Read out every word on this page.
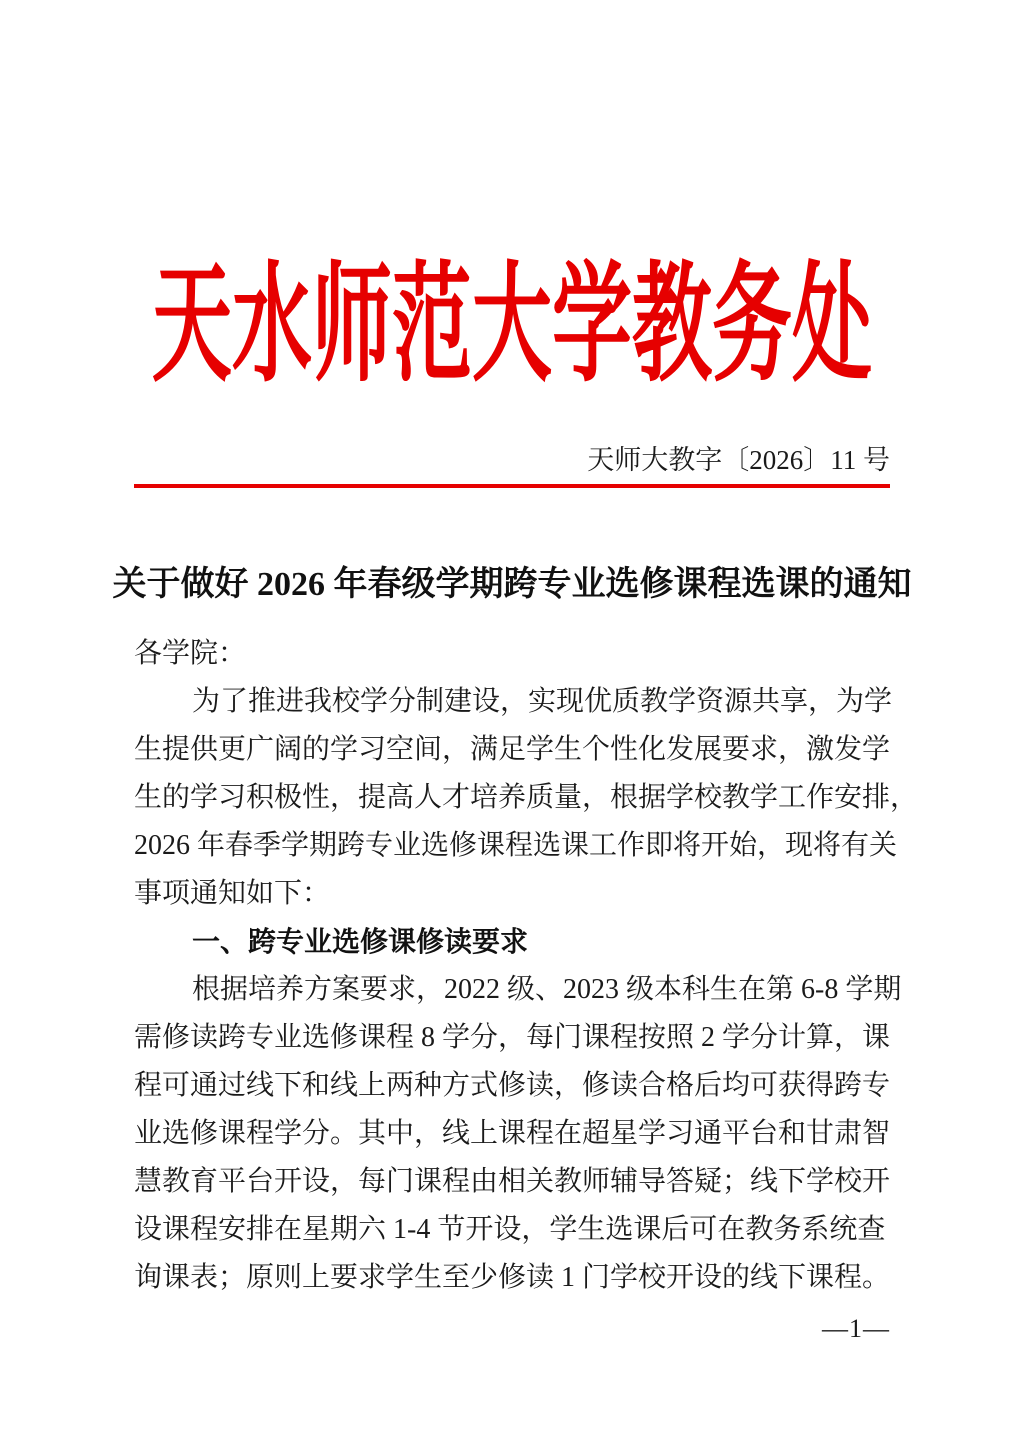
天水师范大学教务处
天师大教字〔2026〕11 号
关于做好 2026 年春级学期跨专业选修课程选课的通知
各学院：
为了推进我校学分制建设，实现优质教学资源共享，为学
生提供更广阔的学习空间，满足学生个性化发展要求，激发学
生的学习积极性，提高人才培养质量，根据学校教学工作安排，
2026 年春季学期跨专业选修课程选课工作即将开始，现将有关
事项通知如下：
一、跨专业选修课修读要求
根据培养方案要求，2022 级、2023 级本科生在第 6-8 学期
需修读跨专业选修课程 8 学分，每门课程按照 2 学分计算，课
程可通过线下和线上两种方式修读，修读合格后均可获得跨专
业选修课程学分。其中，线上课程在超星学习通平台和甘肃智
慧教育平台开设，每门课程由相关教师辅导答疑；线下学校开
设课程安排在星期六 1-4 节开设，学生选课后可在教务系统查
询课表；原则上要求学生至少修读 1 门学校开设的线下课程。
—1—
